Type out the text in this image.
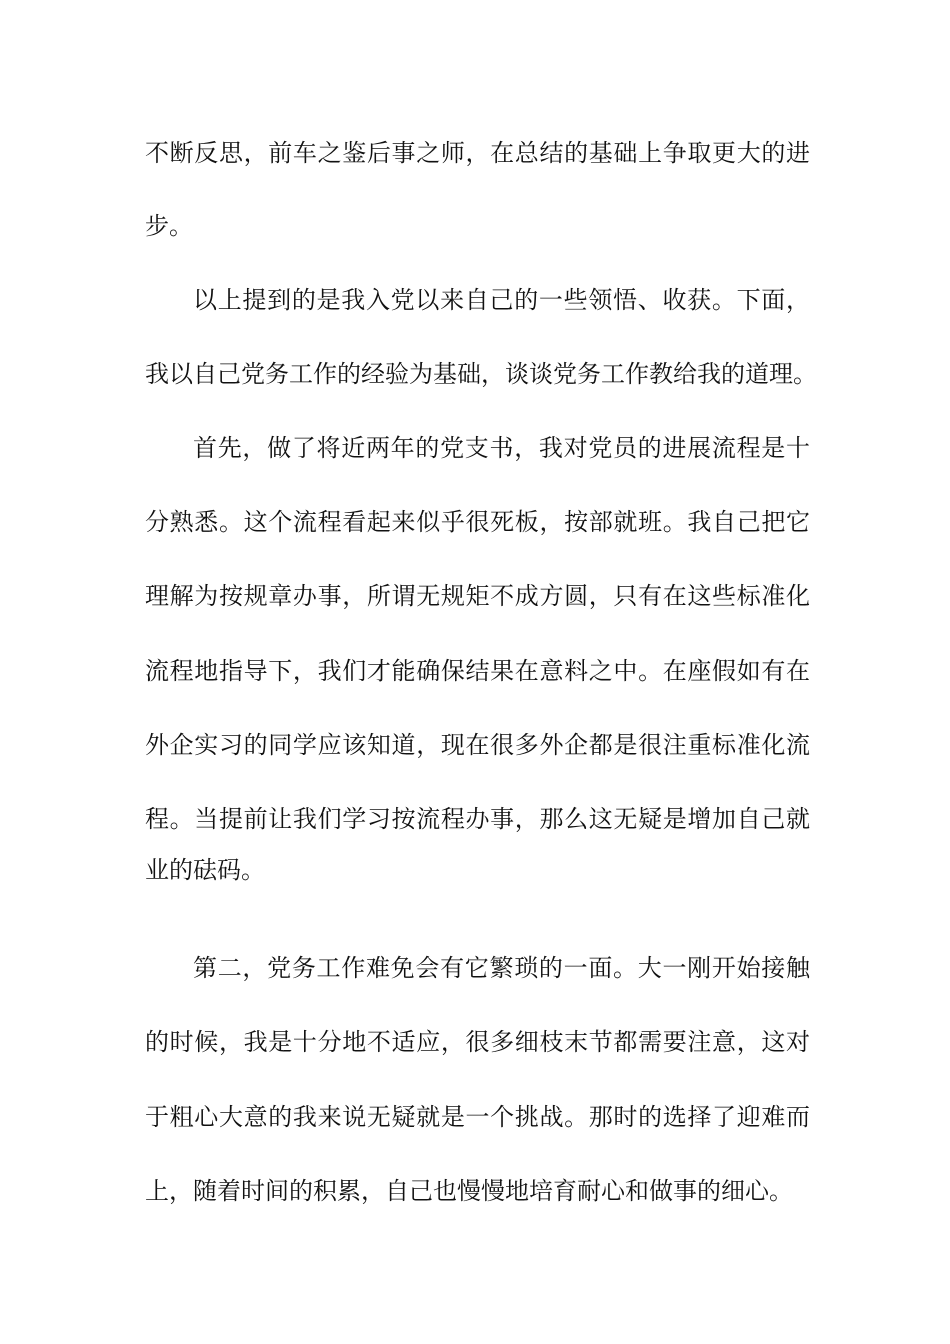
不断反思，前车之鉴后事之师，在总结的基础上争取更大的进
步。
以上提到的是我入党以来自己的一些领悟、收获。下面，
我以自己党务工作的经验为基础，谈谈党务工作教给我的道理。
首先，做了将近两年的党支书，我对党员的进展流程是十
分熟悉。这个流程看起来似乎很死板，按部就班。我自己把它
理解为按规章办事，所谓无规矩不成方圆，只有在这些标准化
流程地指导下，我们才能确保结果在意料之中。在座假如有在
外企实习的同学应该知道，现在很多外企都是很注重标准化流
程。当提前让我们学习按流程办事，那么这无疑是增加自己就
业的砝码。
第二，党务工作难免会有它繁琐的一面。大一刚开始接触
的时候，我是十分地不适应，很多细枝末节都需要注意，这对
于粗心大意的我来说无疑就是一个挑战。那时的选择了迎难而
上，随着时间的积累，自己也慢慢地培育耐心和做事的细心。
